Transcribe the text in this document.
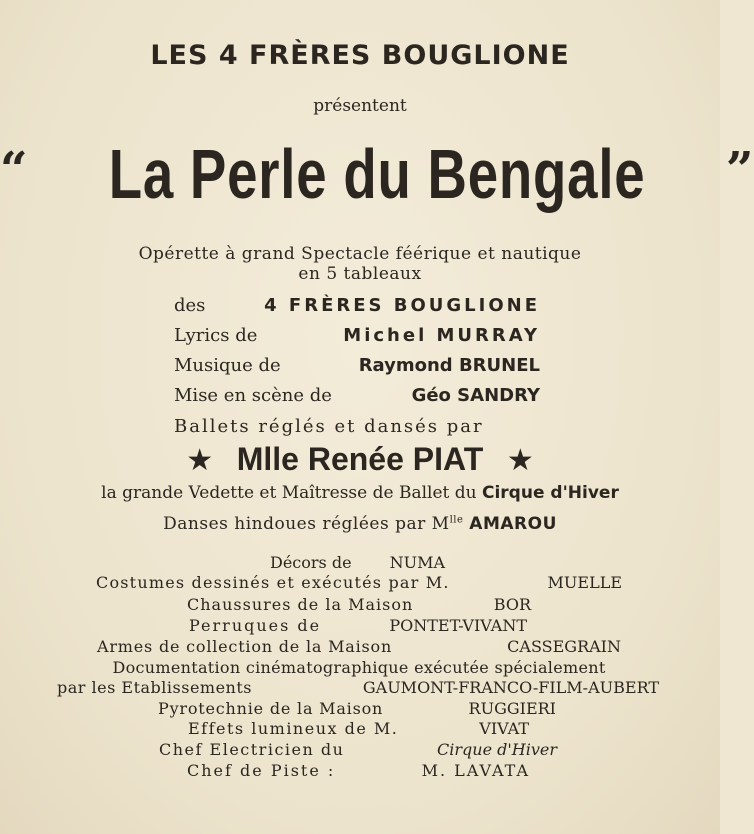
LES 4 FRÈRES BOUGLIONE
présentent
“ La Perle du Bengale ”
Opérette à grand Spectacle féérique et nautique
en 5 tableaux
des	4 FRÈRES BOUGLIONE
Lyrics de	Michel MURRAY
Musique de	Raymond BRUNEL
Mise en scène de	Géo SANDRY
Ballets réglés et dansés par
★ Mlle Renée PIAT ★
la grande Vedette et Maîtresse de Ballet du Cirque d'Hiver
Danses hindoues réglées par $M^{lle}$ AMAROU
Décors de NUMA
Costumes dessinés et exécutés par M.	MUELLE
Chaussures de la Maison	BOR
Perruques de	PONTET-VIVANT
Armes de collection de la Maison	CASSEGRAIN
Documentation cinématographique exécutée spécialement
par les Etablissements	GAUMONT-FRANCO-FILM-AUBERT
Pyrotechnie de la Maison	RUGGIERI
Effets lumineux de M.	VIVAT
Chef Electricien du	Cirque d'Hiver
Chef de Piste :	M. LAVATA
